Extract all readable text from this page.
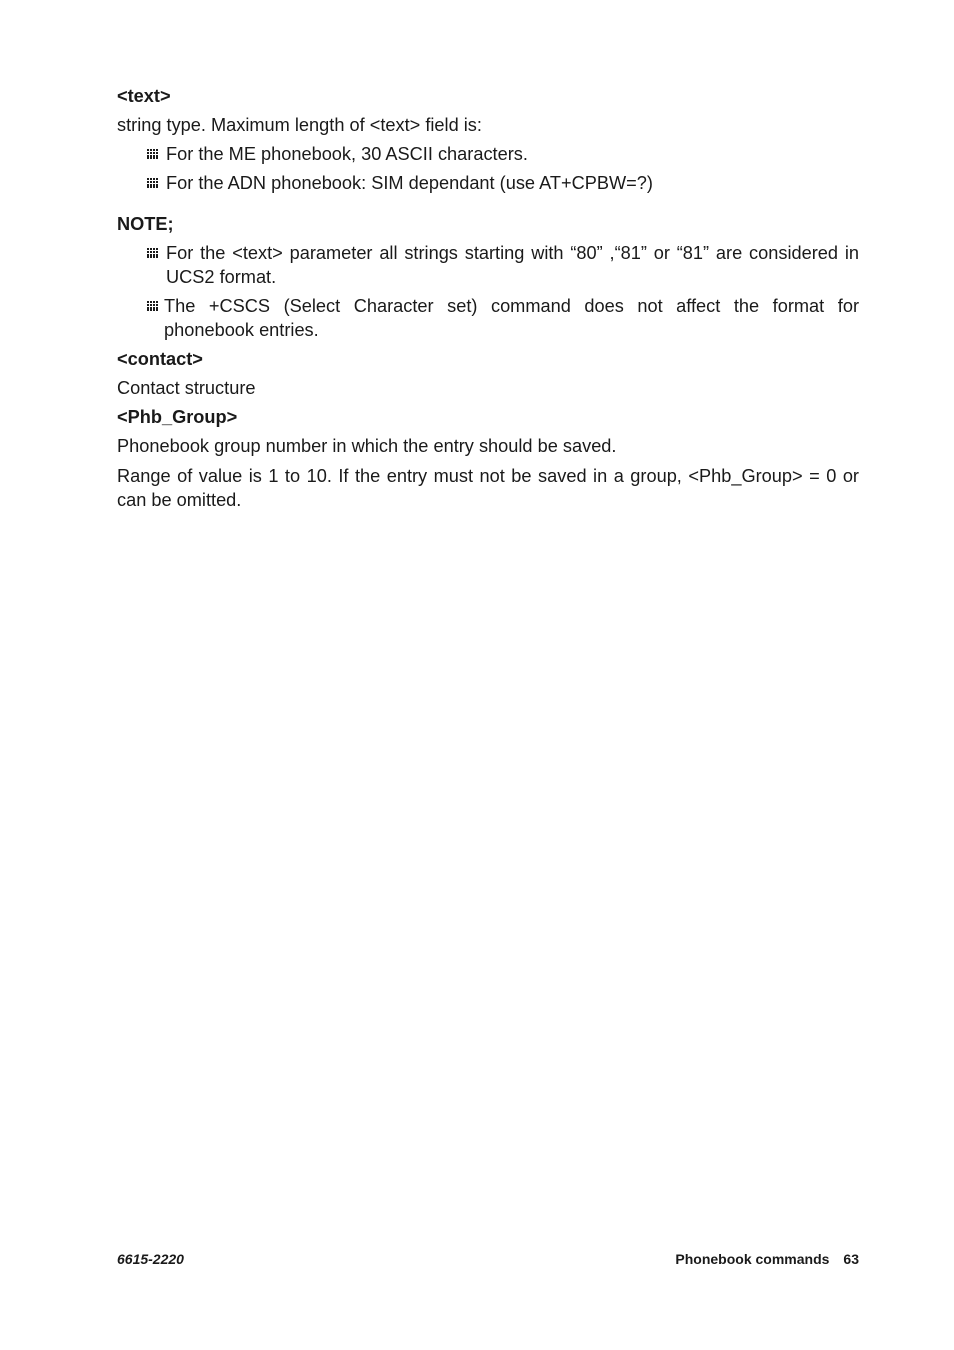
<text>
string type. Maximum length of <text> field is:
For the ME phonebook, 30 ASCII characters.
For the ADN phonebook: SIM dependant (use AT+CPBW=?)
NOTE;
For the <text> parameter all strings starting with “80” ,“81” or “81” are considered in UCS2 format.
The +CSCS (Select Character set) command does not affect the format for phonebook entries.
<contact>
Contact structure
<Phb_Group>
Phonebook group number in which the entry should be saved.
Range of value is 1 to 10. If the entry must not be saved in a group, <Phb_Group> = 0 or can be omitted.
6615-2220	Phonebook commands 63
